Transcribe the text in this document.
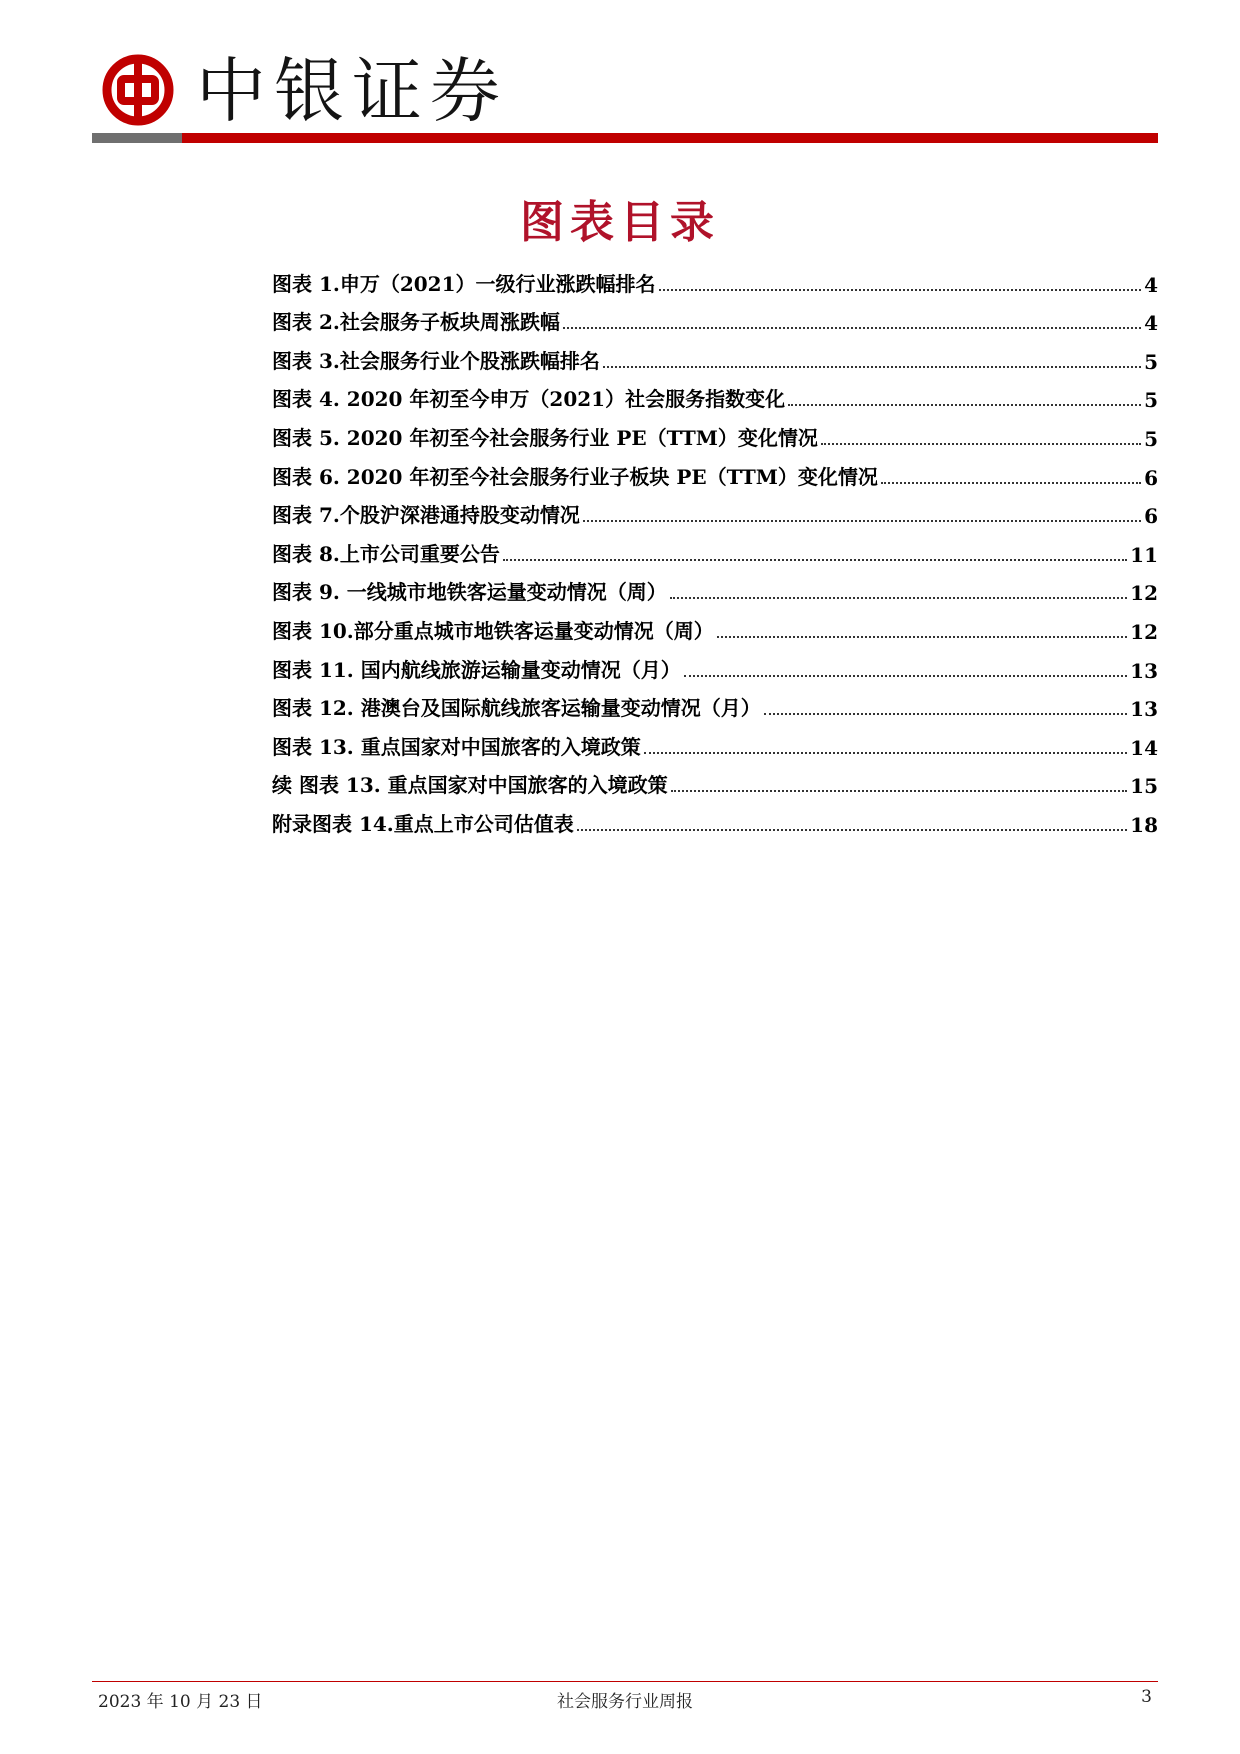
中银证券
图表目录
图表 1.申万（2021）一级行业涨跌幅排名	4
图表 2.社会服务子板块周涨跌幅	4
图表 3.社会服务行业个股涨跌幅排名	5
图表 4. 2020 年初至今申万（2021）社会服务指数变化	5
图表 5. 2020 年初至今社会服务行业 PE（TTM）变化情况	5
图表 6. 2020 年初至今社会服务行业子板块 PE（TTM）变化情况	6
图表 7.个股沪深港通持股变动情况	6
图表 8.上市公司重要公告	11
图表 9. 一线城市地铁客运量变动情况（周）	12
图表 10.部分重点城市地铁客运量变动情况（周）	12
图表 11. 国内航线旅游运输量变动情况（月）	13
图表 12. 港澳台及国际航线旅客运输量变动情况（月）	13
图表 13. 重点国家对中国旅客的入境政策	14
续 图表 13. 重点国家对中国旅客的入境政策	15
附录图表 14.重点上市公司估值表	18
2023 年 10 月 23 日	社会服务行业周报	3
